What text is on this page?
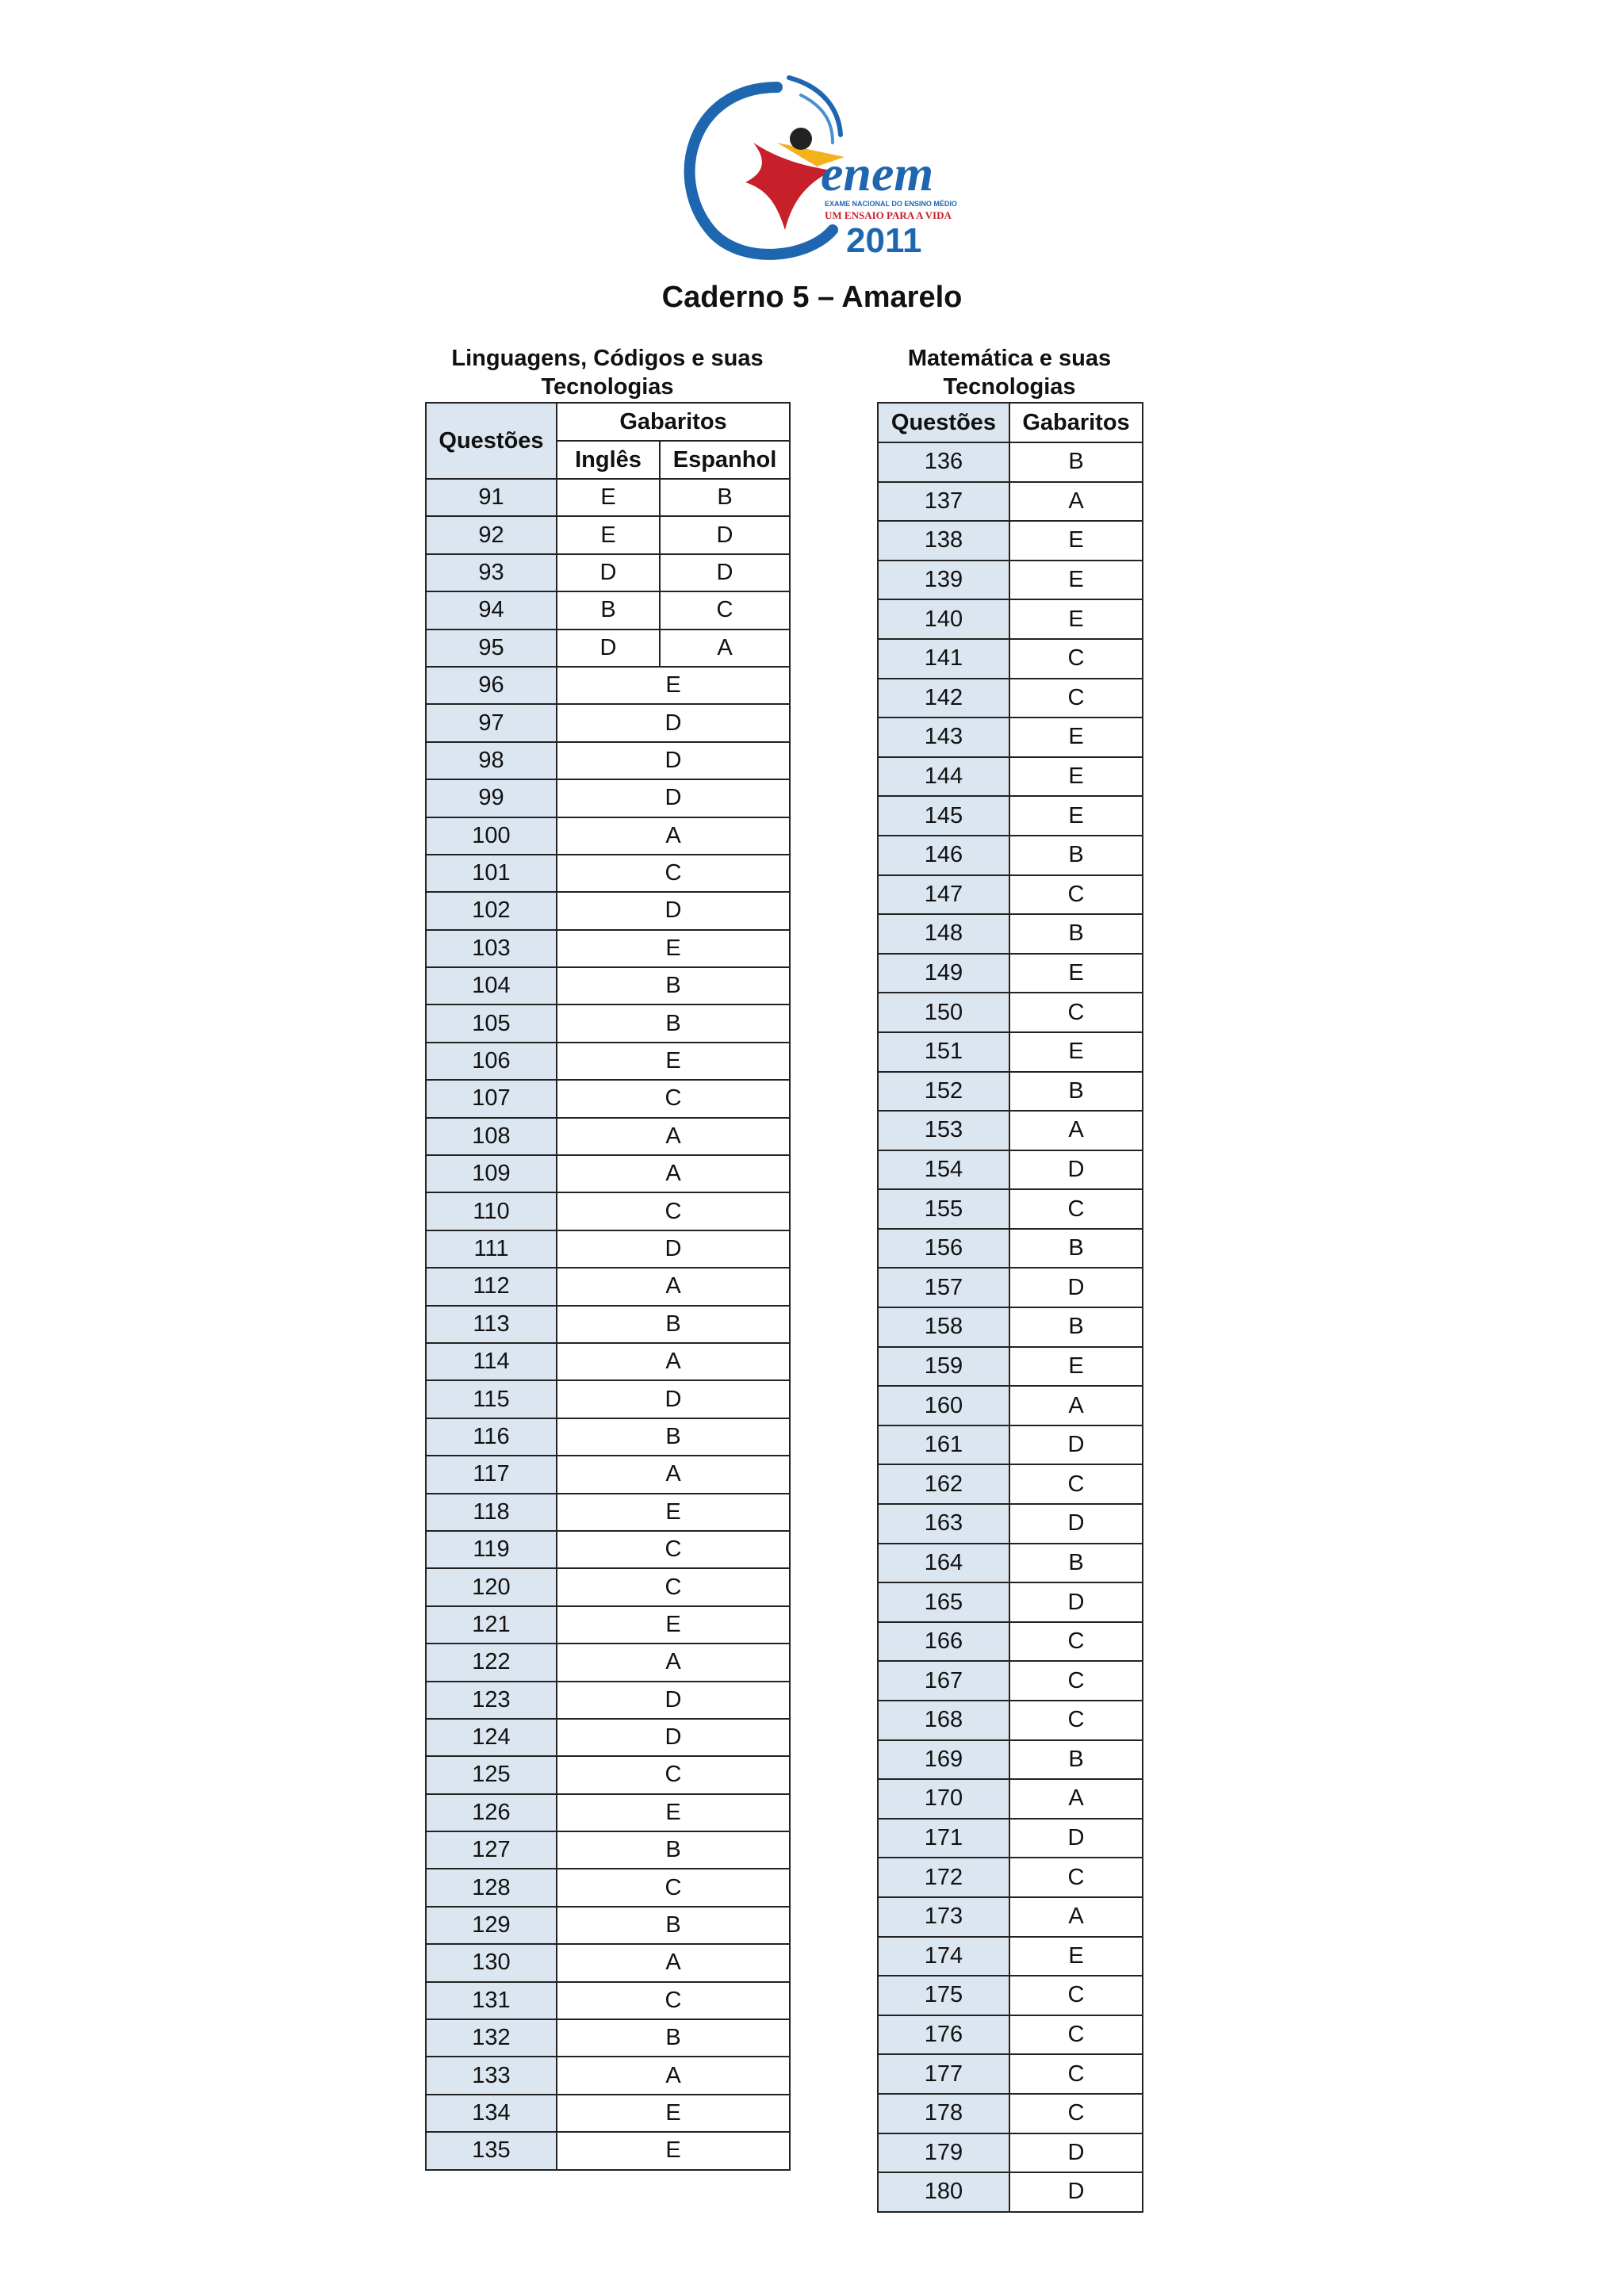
enem
EXAME NACIONAL DO ENSINO MÉDIO
UM ENSAIO PARA A VIDA
2011
Caderno 5 – Amarelo
Linguagens, Códigos e suas Tecnologias
Matemática e suas Tecnologias
Questões	Gabaritos	
	Inglês	Espanhol
91	E	B
92	E	D
93	D	D
94	B	C
95	D	A
96	E	
97	D	
98	D	
99	D	
100	A	
101	C	
102	D	
103	E	
104	B	
105	B	
106	E	
107	C	
108	A	
109	A	
110	C	
111	D	
112	A	
113	B	
114	A	
115	D	
116	B	
117	A	
118	E	
119	C	
120	C	
121	E	
122	A	
123	D	
124	D	
125	C	
126	E	
127	B	
128	C	
129	B	
130	A	
131	C	
132	B	
133	A	
134	E	
135	E	
Questões	Gabaritos
136	B
137	A
138	E
139	E
140	E
141	C
142	C
143	E
144	E
145	E
146	B
147	C
148	B
149	E
150	C
151	E
152	B
153	A
154	D
155	C
156	B
157	D
158	B
159	E
160	A
161	D
162	C
163	D
164	B
165	D
166	C
167	C
168	C
169	B
170	A
171	D
172	C
173	A
174	E
175	C
176	C
177	C
178	C
179	D
180	D
